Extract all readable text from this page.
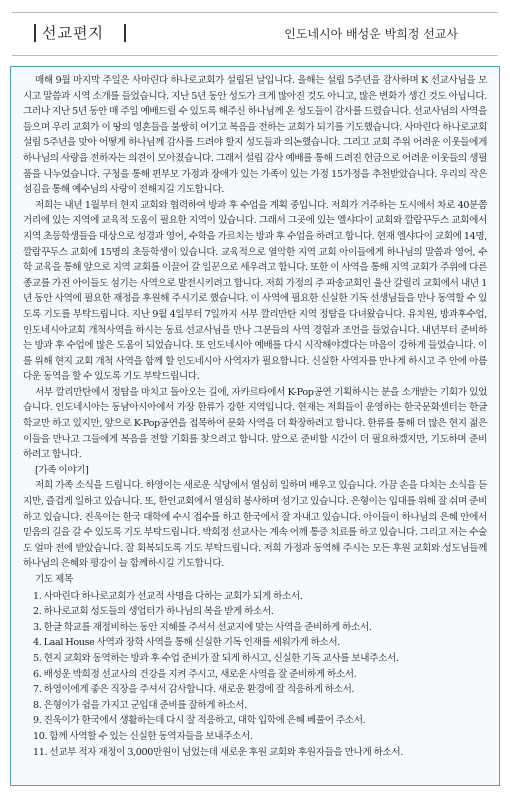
선교편지	인도네시아 배성운 박희정 선교사

매해 9월 마지막 주일은 사마린다 하나로교회가 설립된 날입니다. 올해는 설립 5주년을 감사하며 K 선교사님을 모시고 말씀과 시역 소개를 들었습니다. 지난 5년 동안 성도가 크게 많아진 것도 아니고, 많은 변화가 생긴 것도 아닙니다. 그러나 지난 5년 동안 매 주일 예배드릴 수 있도록 해주신 하나님께 온 성도들이 감사를 드렸습니다. 선교사님의 사역을 들으며 우리 교회가 이 땅의 영혼들을 불쌍히 여기고 복음을 전하는 교회가 되기를 기도했습니다. 사마린다 하나로교회 설립 5주년을 맞아 어떻게 하나님께 감사를 드려야 할지 성도들과 의논했습니다. 그리고 교회 주위 어려운 이웃들에게 하나님의 사랑을 전하자는 의견이 모아졌습니다. 그래서 설립 감사 예배를 통해 드려진 헌금으로 어려운 이웃들의 생필품을 나누었습니다. 구청을 통해 편부모 가정과 장애가 있는 가족이 있는 가정 15가정을 추천받았습니다. 우리의 작은 섬김을 통해 예수님의 사랑이 전해지길 기도합니다.

저희는 내년 1월부터 현지 교회와 협력하여 방과 후 수업을 계획 중입니다. 저희가 거주하는 도시에서 차로 40분쯤 거리에 있는 지역에 교육적 도움이 필요한 지역이 있습니다. 그래서 그곳에 있는 엘샤다이 교회와 깔람꾸두스 교회에서 지역 초등학생들을 대상으로 성경과 영어, 수학을 가르치는 방과 후 수업을 하려고 합니다. 현재 엘샤다이 교회에 14명, 깔람꾸두스 교회에 15명의 초등학생이 있습니다. 교육적으로 열악한 지역 교회 아이들에게 하나님의 말씀과 영어, 수학 교육을 통해 앞으로 지역 교회를 이끌어 갈 일꾼으로 세우려고 합니다. 또한 이 사역을 통해 지역 교회가 주위에 다른 종교를 가진 아이들도 섬기는 사역으로 발전시키려고 합니다. 저희 가정의 주 파송교회인 울산 갈릴리 교회에서 내년 1년 동안 사역에 필요한 재정을 후원해 주시기로 했습니다. 이 사역에 필요한 신실한 기독 선생님들을 만나 동역할 수 있도록 기도를 부탁드립니다. 지난 9월 4일부터 7일까지 서부 깔리만탄 지역 정탐을 다녀왔습니다. 유치원, 방과후수업, 인도네시아교회 개척사역을 하시는 동료 선교사님을 만나 그분들의 사역 경험과 조언을 들었습니다. 내년부터 준비하는 방과 후 수업에 많은 도움이 되었습니다. 또 인도네시아 예배를 다시 시작해야겠다는 마음이 강하게 들었습니다. 이를 위해 현지 교회 개척 사역을 함께 할 인도네시아 사역자가 필요합니다. 신실한 사역자를 만나게 하시고 주 안에 아름다운 동역을 할 수 있도록 기도 부탁드립니다.

서부 깔리만탄에서 정탐을 마치고 돌아오는 길에, 자카르타에서 K-Pop공연 기획하시는 분을 소개받는 기회가 있었습니다. 인도네시아는 동남아시아에서 가장 한류가 강한 지역입니다. 현재는 저희들이 운영하는 한국문화센터는 한글학교만 하고 있지만, 앞으로 K-Pop공연을 접목하여 문화 사역을 더 확장하려고 합니다. 한류를 통해 더 많은 현지 젊은이들을 만나고 그들에게 복음을 전할 기회를 찾으려고 합니다. 앞으로 준비할 시간이 더 필요하겠지만, 기도하며 준비하려고 합니다.

[가족 이야기]

저희 가족 소식을 드립니다. 하영이는 새로운 식당에서 열심히 일하며 배우고 있습니다. 가끔 손을 다치는 소식을 듣지만, 즐겁게 일하고 있습니다. 또, 한인교회에서 열심히 봉사하며 섬기고 있습니다. 은형이는 입대를 위해 잘 쉬며 준비하고 있습니다. 진욱이는 한국 대학에 수시 접수를 하고 한국에서 잘 자내고 있습니다. 아이들이 하나님의 은혜 안에서 믿음의 길을 갈 수 있도록 기도 부탁드립니다. 박희정 선교사는 계속 어깨 통증 치료를 하고 있습니다. 그리고 저는 수술도 얼마 전에 받았습니다. 잘 회복되도록 기도 부탁드립니다. 저희 가정과 동역해 주시는 모든 후원 교회와 성도님들께 하나님의 은혜와 평강이 늘 함께하시길 기도합니다.

기도 제목

1. 사마린다 하나로교회가 선교적 사명을 다하는 교회가 되게 하소서.
2. 하나로교회 성도들의 생업터가 하나님의 복을 받게 하소서.
3. 한글 학교를 재정비하는 동안 지혜를 주셔서 선교지에 맞는 사역을 준비하게 하소서.
4. Laal House 사역과 장학 사역을 통해 신실한 기독 인재를 세워가게 하소서.
5. 현지 교회와 동역하는 방과 후 수업 준비가 잘 되게 하시고, 신실한 기독 교사를 보내주소서.
6. 배성운 박희정 선교사의 건강을 지켜 주시고, 새로운 사역을 잘 준비하게 하소서.
7. 하영이에게 좋은 직장을 주셔서 감사합니다. 새로운 환경에 잘 적응하게 하소서.
8. 은형이가 쉼을 가지고 군입대 준비를 잘하게 하소서.
9. 진욱이가 한국에서 생활하는데 다시 잘 적응하고, 대학 입학에 은혜 베풀어 주소서.
10. 함께 사역할 수 있는 신실한 동역자들을 보내주소서.
11. 선교부 적자 재정이 3,000만원이 넘었는데 새로운 후원 교회와 후원자들을 만나게 하소서.
